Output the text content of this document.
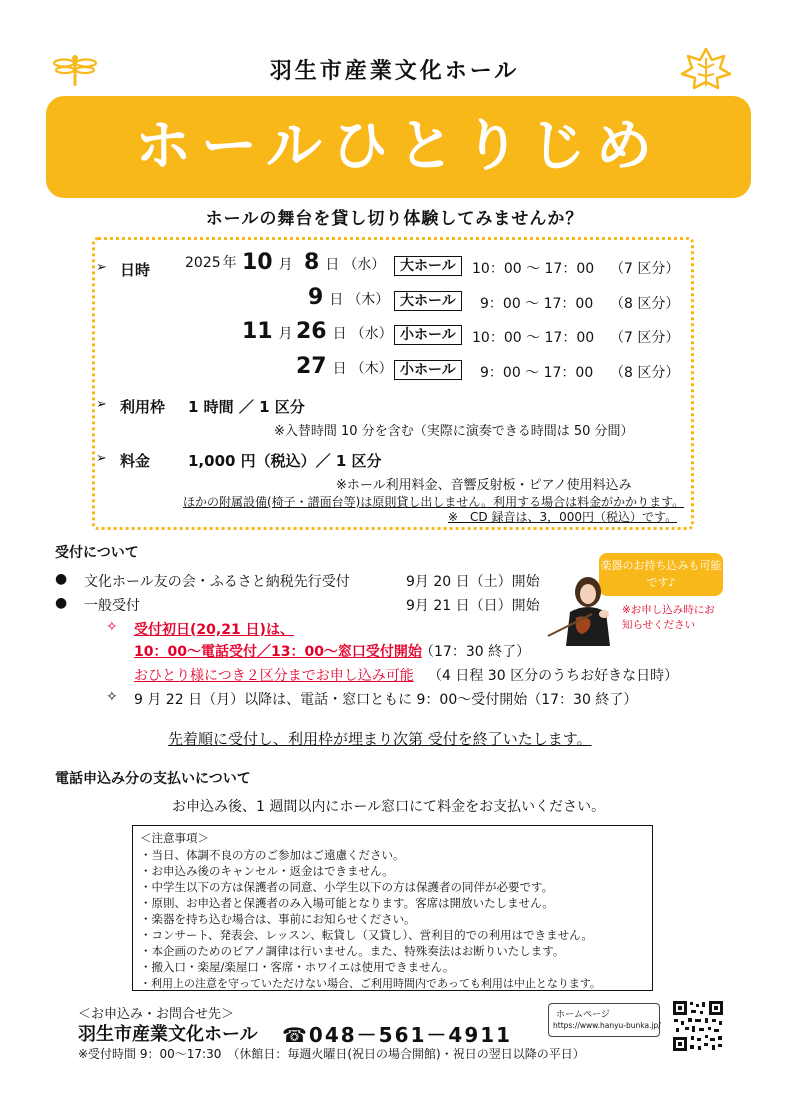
羽生市産業文化ホール
ホールひとりじめ
ホールの舞台を貸し切り体験してみませんか？
➢ 日時 2025 年 10 月 8 日 （水）	大ホール	10：00 ～ 17：00 （7 区分）
9 日 （木） 大ホール	9：00 ～ 17：00 （8 区分）
11 月 26 日 （水） 小ホール	10：00 ～ 17：00 （7 区分）
27 日 （木） 小ホール	9：00 ～ 17：00 （8 区分）
➢ 利用枠 1 時間 ／ 1 区分
※入替時間 10 分を含む（実際に演奏できる時間は 50 分間）
➢ 料金	1,000 円（税込）／ 1 区分
※ホール利用料金、音響反射板・ピアノ使用料込み
ほかの附属設備(椅子・譜面台等)は原則貸し出しません。利用する場合は料金がかかります。
※　CD 録音は、3，000円（税込）です。
受付について
● 文化ホール友の会・ふるさと納税先行受付	9月 20 日（土）開始
● 一般受付	9月 21 日（日）開始
✧ 受付初日(20,21 日)は、
10：00～電話受付／13：00～窓口受付開始
（17：30 終了）
おひとり様につき２区分までお申し込み可能 （4 日程 30 区分のうちお好きな日時）
✧ 9 月 22 日（月）以降は、電話・窓口ともに 9：00～受付開始（17：30 終了）
楽器のお持ち込みも可能です♪
※お申し込み時にお知らせください
先着順に受付し、利用枠が埋まり次第 受付を終了いたします。
電話申込み分の支払いについて
お申込み後、1 週間以内にホール窓口にて料金をお支払いください。
＜注意事項＞
・当日、体調不良の方のご参加はご遠慮ください。
・お申込み後のキャンセル・返金はできません。
・中学生以下の方は保護者の同意、小学生以下の方は保護者の同伴が必要です。
・原則、お申込者と保護者のみ入場可能となります。客席は開放いたしません。
・楽器を持ち込む場合は、事前にお知らせください。
・コンサート、発表会、レッスン、転貸し（又貸し）、営利目的での利用はできません。
・本企画のためのピアノ調律は行いません。また、特殊奏法はお断りいたします。
・搬入口・楽屋/楽屋口・客席・ホワイエは使用できません。
・利用上の注意を守っていただけない場合、ご利用時間内であっても利用は中止となります。
＜お申込み・お問合せ先＞
羽生市産業文化ホール ☎048－561－4911
※受付時間 9：00～17:30　（休館日：毎週火曜日(祝日の場合開館)・祝日の翌日以降の平日）
ホームページ
https://www.hanyu-bunka.jp/
